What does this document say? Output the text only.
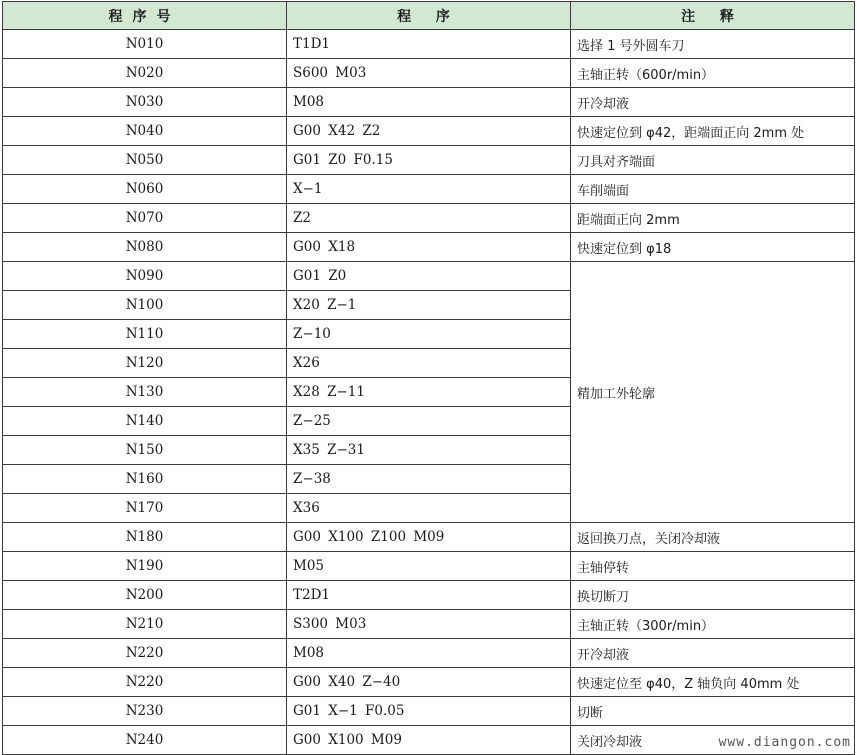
程序号	程 序	注 释
N010	T1D1	选择 1 号外圆车刀
N020	S600 M03	主轴正转（600r/min）
N030	M08	开冷却液
N040	G00 X42 Z2	快速定位到 φ42，距端面正向 2mm 处
N050	G01 Z0 F0.15	刀具对齐端面
N060	X−1	车削端面
N070	Z2	距端面正向 2mm
N080	G00 X18	快速定位到 φ18
N090	G01 Z0	精加工外轮廓
N100	X20 Z−1	
N110	Z−10	
N120	X26	
N130	X28 Z−11	
N140	Z−25	
N150	X35 Z−31	
N160	Z−38	
N170	X36	
N180	G00 X100 Z100 M09	返回换刀点，关闭冷却液
N190	M05	主轴停转
N200	T2D1	换切断刀
N210	S300 M03	主轴正转（300r/min）
N220	M08	开冷却液
N220	G00 X40 Z−40	快速定位至 φ40，Z 轴负向 40mm 处
N230	G01 X−1 F0.05	切断
N240	G00 X100 M09	关闭冷却液	www.diangon.com
